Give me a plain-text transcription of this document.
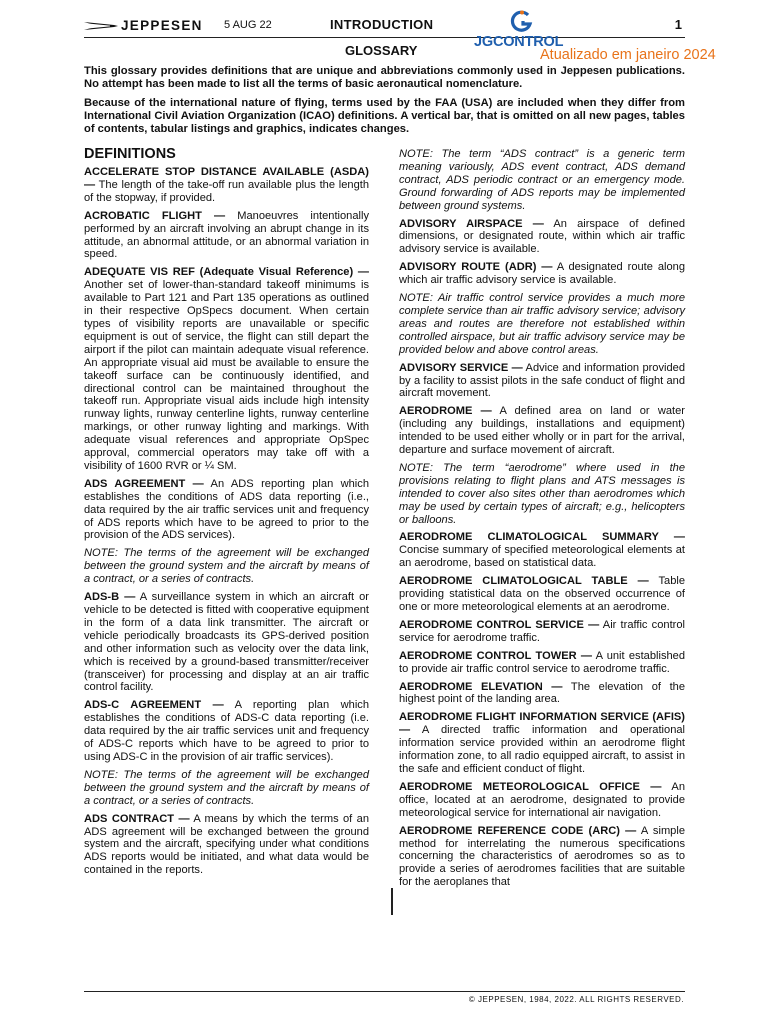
JEPPESEN 5 AUG 22	INTRODUCTION	1
JGCONTROL
Atualizado em janeiro 2024
GLOSSARY

This glossary provides definitions that are unique and abbreviations commonly used in Jeppesen publications. No attempt has been made to list all the terms of basic aeronautical nomenclature.

Because of the international nature of flying, terms used by the FAA (USA) are included when they differ from International Civil Aviation Organization (ICAO) definitions. A vertical bar, that is omitted on all new pages, tables of contents, tabular listings and graphics, indicates changes.

DEFINITIONS

ACCELERATE STOP DISTANCE AVAILABLE (ASDA) — The length of the take-off run available plus the length of the stopway, if provided.

ACROBATIC FLIGHT — Manoeuvres intentionally performed by an aircraft involving an abrupt change in its attitude, an abnormal attitude, or an abnormal variation in speed.

ADEQUATE VIS REF (Adequate Visual Reference) — Another set of lower-than-standard takeoff minimums is available to Part 121 and Part 135 operations as outlined in their respective OpSpecs document. When certain types of visibility reports are unavailable or specific equipment is out of service, the flight can still depart the airport if the pilot can maintain adequate visual reference. An appropriate visual aid must be available to ensure the takeoff surface can be continuously identified, and directional control can be maintained throughout the takeoff run. Appropriate visual aids include high intensity runway lights, runway centerline lights, runway centerline markings, or other runway lighting and markings. With adequate visual references and appropriate OpSpec approval, commercial operators may take off with a visibility of 1600 RVR or ¼ SM.

ADS AGREEMENT — An ADS reporting plan which establishes the conditions of ADS data reporting (i.e., data required by the air traffic services unit and frequency of ADS reports which have to be agreed to prior to the provision of the ADS services).

NOTE: The terms of the agreement will be exchanged between the ground system and the aircraft by means of a contract, or a series of contracts.

ADS-B — A surveillance system in which an aircraft or vehicle to be detected is fitted with cooperative equipment in the form of a data link transmitter. The aircraft or vehicle periodically broadcasts its GPS-derived position and other information such as velocity over the data link, which is received by a ground-based transmitter/receiver (transceiver) for processing and display at an air traffic control facility.

ADS-C AGREEMENT — A reporting plan which establishes the conditions of ADS-C data reporting (i.e. data required by the air traffic services unit and frequency of ADS-C reports which have to be agreed to prior to using ADS-C in the provision of air traffic services).

NOTE: The terms of the agreement will be exchanged between the ground system and the aircraft by means of a contract, or a series of contracts.

ADS CONTRACT — A means by which the terms of an ADS agreement will be exchanged between the ground system and the aircraft, specifying under what conditions ADS reports would be initiated, and what data would be contained in the reports.

NOTE: The term “ADS contract” is a generic term meaning variously, ADS event contract, ADS demand contract, ADS periodic contract or an emergency mode. Ground forwarding of ADS reports may be implemented between ground systems.

ADVISORY AIRSPACE — An airspace of defined dimensions, or designated route, within which air traffic advisory service is available.

ADVISORY ROUTE (ADR) — A designated route along which air traffic advisory service is available.

NOTE: Air traffic control service provides a much more complete service than air traffic advisory service; advisory areas and routes are therefore not established within controlled airspace, but air traffic advisory service may be provided below and above control areas.

ADVISORY SERVICE — Advice and information provided by a facility to assist pilots in the safe conduct of flight and aircraft movement.

AERODROME — A defined area on land or water (including any buildings, installations and equipment) intended to be used either wholly or in part for the arrival, departure and surface movement of aircraft.

NOTE: The term “aerodrome” where used in the provisions relating to flight plans and ATS messages is intended to cover also sites other than aerodromes which may be used by certain types of aircraft; e.g., helicopters or balloons.

AERODROME CLIMATOLOGICAL SUMMARY — Concise summary of specified meteorological elements at an aerodrome, based on statistical data.

AERODROME CLIMATOLOGICAL TABLE — Table providing statistical data on the observed occurrence of one or more meteorological elements at an aerodrome.

AERODROME CONTROL SERVICE — Air traffic control service for aerodrome traffic.

AERODROME CONTROL TOWER — A unit established to provide air traffic control service to aerodrome traffic.

AERODROME ELEVATION — The elevation of the highest point of the landing area.

AERODROME FLIGHT INFORMATION SERVICE (AFIS) — A directed traffic information and operational information service provided within an aerodrome flight information zone, to all radio equipped aircraft, to assist in the safe and efficient conduct of flight.

AERODROME METEOROLOGICAL OFFICE — An office, located at an aerodrome, designated to provide meteorological service for international air navigation.

AERODROME REFERENCE CODE (ARC) — A simple method for interrelating the numerous specifications concerning the characteristics of aerodromes so as to provide a series of aerodromes facilities that are suitable for the aeroplanes that

© JEPPESEN, 1984, 2022. ALL RIGHTS RESERVED.
